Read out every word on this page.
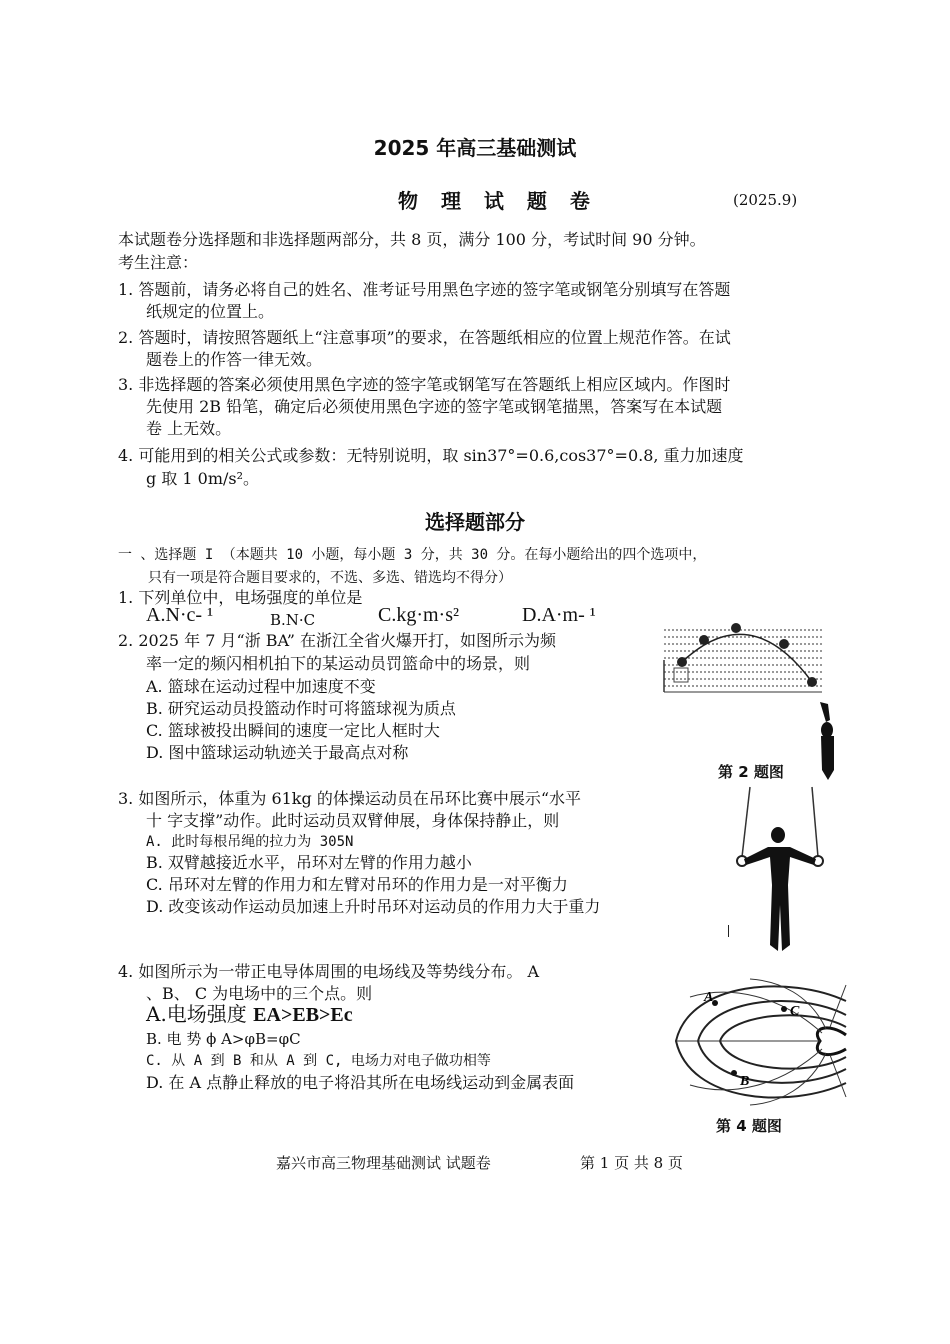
2025 年高三基础测试
物 理 试 题 卷	(2025.9)
本试题卷分选择题和非选择题两部分，共 8 页，满分 100 分，考试时间 90 分钟。
考生注意：
1. 答题前，请务必将自己的姓名、准考证号用黑色字迹的签字笔或钢笔分别填写在答题
纸规定的位置上。
2. 答题时，请按照答题纸上“注意事项”的要求，在答题纸相应的位置上规范作答。在试
题卷上的作答一律无效。
3. 非选择题的答案必须使用黑色字迹的签字笔或钢笔写在答题纸上相应区域内。作图时
先使用 2B 铅笔，确定后必须使用黑色字迹的签字笔或钢笔描黑，答案写在本试题
卷 上无效。
4. 可能用到的相关公式或参数：无特别说明，取 sin37°=0.6,cos37°=0.8, 重力加速度
g 取 1 0m/s²。
选择题部分
一 、选择题 I （本题共 10 小题，每小题 3 分，共 30 分。在每小题给出的四个选项中，
只有一项是符合题目要求的，不选、多选、错选均不得分）
1. 下列单位中，电场强度的单位是
A.N·c- ¹	B.N·C	C.kg·m·s²	D.A·m- ¹
2. 2025 年 7 月“浙 BA” 在浙江全省火爆开打，如图所示为频
率一定的频闪相机拍下的某运动员罚篮命中的场景，则
A. 篮球在运动过程中加速度不变
B. 研究运动员投篮动作时可将篮球视为质点
C. 篮球被投出瞬间的速度一定比人框时大
D. 图中篮球运动轨迹关于最高点对称
第 2 题图
3. 如图所示，体重为 61kg 的体操运动员在吊环比赛中展示“水平
十 字支撑”动作。此时运动员双臂伸展，身体保持静止，则
A. 此时每根吊绳的拉力为 305N
B. 双臂越接近水平，吊环对左臂的作用力越小
C. 吊环对左臂的作用力和左臂对吊环的作用力是一对平衡力
D. 改变该动作运动员加速上升时吊环对运动员的作用力大于重力
4. 如图所示为一带正电导体周围的电场线及等势线分布。 A
、B、 C 为电场中的三个点。则
A.电场强度 EA>EB>Ec
B. 电 势 ϕ A>φB=φC
C. 从 A 到 B 和从 A 到 C, 电场力对电子做功相等
D. 在 A 点静止释放的电子将沿其所在电场线运动到金属表面
A
C
B
第 4 题图
嘉兴市高三物理基础测试 试题卷	第 1 页 共 8 页
